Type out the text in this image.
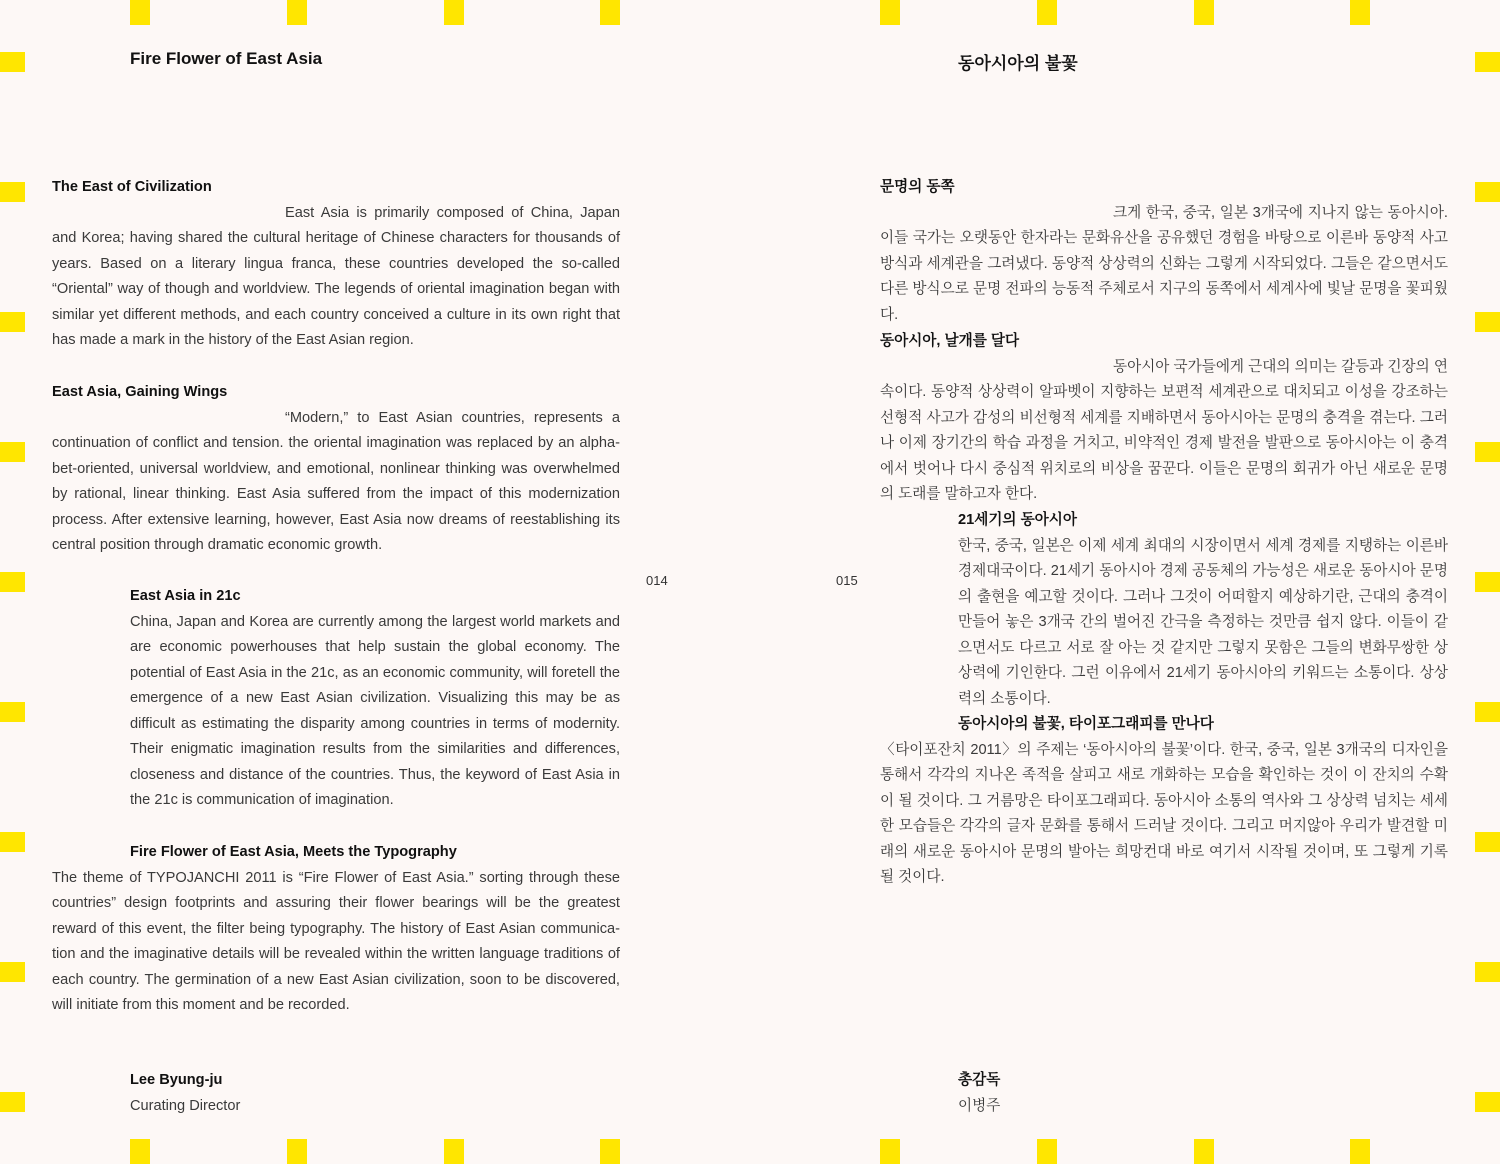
Fire Flower of East Asia
014
The East of Civilization

East Asia is primarily composed of China, Japan and Korea; having shared the cultural heritage of Chinese characters for thousands of years. Based on a literary lingua franca, these countries developed the so-called “Oriental” way of though and worldview. The legends of oriental imagination began with similar yet different methods, and each country conceived a culture in its own right that has made a mark in the history of the East Asian region.

East Asia, Gaining Wings

“Modern,” to East Asian countries, represents a continuation of conflict and tension. the oriental imagination was replaced by an alpha-bet-oriented, universal worldview, and emotional, nonlinear thinking was overwhelmed by rational, linear thinking. East Asia suffered from the impact of this modernization process. After extensive learning, however, East Asia now dreams of reestablishing its central position through dramatic economic growth.

East Asia in 21c

China, Japan and Korea are currently among the largest world markets and are economic powerhouses that help sustain the global economy. The potential of East Asia in the 21c, as an economic community, will foretell the emergence of a new East Asian civilization. Visualizing this may be as difficult as estimating the disparity among countries in terms of modernity. Their enigmatic imagination results from the similarities and differences, closeness and distance of the countries. Thus, the keyword of East Asia in the 21c is communication of imagination.

Fire Flower of East Asia, Meets the Typography

The theme of TYPOJANCHI 2011 is “Fire Flower of East Asia.” sorting through these countries” design footprints and assuring their flower bearings will be the greatest reward of this event, the filter being typography. The history of East Asian communica-tion and the imaginative details will be revealed within the written language traditions of each country. The germination of a new East Asian civilization, soon to be discovered, will initiate from this moment and be recorded.

Lee Byung-ju

Curating Director

동아시아의 불꽃
015
문명의 동쪽

크게 한국, 중국, 일본 3개국에 지나지 않는 동아시아. 이들 국가는 오랫동안 한자라는 문화유산을 공유했던 경험을 바탕으로 이른바 동양적 사고방식과 세계관을 그려냈다. 동양적 상상력의 신화는 그렇게 시작되었다. 그들은 같으면서도 다른 방식으로 문명 전파의 능동적 주체로서 지구의 동쪽에서 세계사에 빛날 문명을 꽃피웠다.

동아시아, 날개를 달다

동아시아 국가들에게 근대의 의미는 갈등과 긴장의 연속이다. 동양적 상상력이 알파벳이 지향하는 보편적 세계관으로 대치되고 이성을 강조하는 선형적 사고가 감성의 비선형적 세계를 지배하면서 동아시아는 문명의 충격을 겪는다. 그러나 이제 장기간의 학습 과정을 거치고, 비약적인 경제 발전을 발판으로 동아시아는 이 충격에서 벗어나 다시 중심적 위치로의 비상을 꿈꾼다. 이들은 문명의 회귀가 아닌 새로운 문명의 도래를 말하고자 한다.

21세기의 동아시아

한국, 중국, 일본은 이제 세계 최대의 시장이면서 세계 경제를 지탱하는 이른바 경제대국이다. 21세기 동아시아 경제 공동체의 가능성은 새로운 동아시아 문명의 출현을 예고할 것이다. 그러나 그것이 어떠할지 예상하기란, 근대의 충격이 만들어 놓은 3개국 간의 벌어진 간극을 측정하는 것만큼 쉽지 않다. 이들이 같으면서도 다르고 서로 잘 아는 것 같지만 그렇지 못함은 그들의 변화무쌍한 상상력에 기인한다. 그런 이유에서 21세기 동아시아의 키워드는 소통이다. 상상력의 소통이다.

동아시아의 불꽃, 타이포그래피를 만나다

〈타이포잔치 2011〉의 주제는 ‘동아시아의 불꽃’이다. 한국, 중국, 일본 3개국의 디자인을 통해서 각각의 지나온 족적을 살피고 새로 개화하는 모습을 확인하는 것이 이 잔치의 수확이 될 것이다. 그 거름망은 타이포그래피다. 동아시아 소통의 역사와 그 상상력 넘치는 세세한 모습들은 각각의 글자 문화를 통해서 드러날 것이다. 그리고 머지않아 우리가 발견할 미래의 새로운 동아시아 문명의 발아는 희망컨대 바로 여기서 시작될 것이며, 또 그렇게 기록될 것이다.

총감독

이병주
